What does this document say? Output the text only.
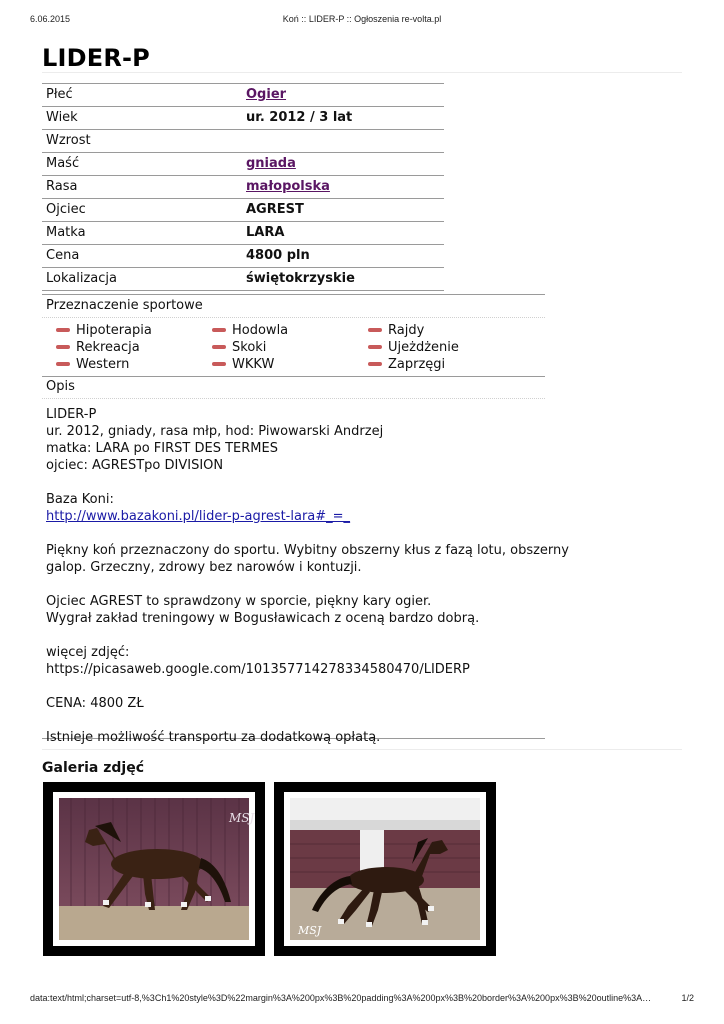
6.06.2015	Koń :: LIDER-P :: Ogłoszenia re-volta.pl
LIDER-P
Płeć	Ogier
Wiek	ur. 2012 / 3 lat
Wzrost
Maść	gniada
Rasa	małopolska
Ojciec	AGREST
Matka	LARA
Cena	4800 pln
Lokalizacja	świętokrzyskie
Przeznaczenie sportowe
Hipoterapia	Hodowla	Rajdy
Rekreacja	Skoki	Ujeżdżenie
Western	WKKW	Zaprzęgi
Opis

LIDER-P

ur. 2012, gniady, rasa młp, hod: Piwowarski Andrzej

matka: LARA po FIRST DES TERMES

ojciec: AGRESTpo DIVISION

Baza Koni:

http://www.bazakoni.pl/lider-p-agrest-lara#_=_

Piękny koń przeznaczony do sportu. Wybitny obszerny kłus z fazą lotu, obszerny

galop. Grzeczny, zdrowy bez narowów i kontuzji.

Ojciec AGREST to sprawdzony w sporcie, piękny kary ogier.

Wygrał zakład treningowy w Bogusławicach z oceną bardzo dobrą.

więcej zdjęć:

https://picasaweb.google.com/101357714278334580470/LIDERP

CENA: 4800 ZŁ

Istnieje możliwość transportu za dodatkową opłatą.

Galeria zdjęć
MSJ
MSJ
data:text/html;charset=utf-8,%3Ch1%20style%3D%22margin%3A%200px%3B%20padding%3A%200px%3B%20border%3A%200px%3B%20outline%3A…	1/2
